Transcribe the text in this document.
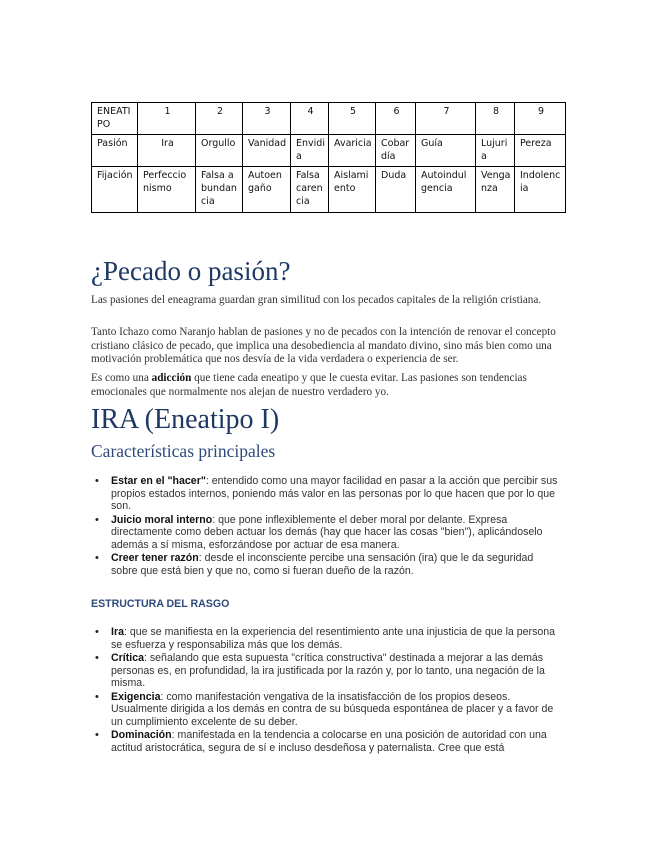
ENEATIPO	1	2	3	4	5	6	7	8	9
Pasión	Ira	Orgullo	Vanidad	Envidia	Avaricia	Cobardía	Guía	Lujuria	Pereza
Fijación	Perfeccionismo	Falsa abundancia	Autoengaño	Falsa carencia	Aislamiento	Duda	Autoindulgencia	Venganza	Indolencia
¿Pecado o pasión?

Las pasiones del eneagrama guardan gran similitud con los pecados capitales de la religión cristiana.

Tanto Ichazo como Naranjo hablan de pasiones y no de pecados con la intención de renovar el concepto cristiano clásico de pecado, que implica una desobediencia al mandato divino, sino más bien como una motivación problemática que nos desvía de la vida verdadera o experiencia de ser.

Es como una adicción que tiene cada eneatipo y que le cuesta evitar. Las pasiones son tendencias emocionales que normalmente nos alejan de nuestro verdadero yo.

IRA (Eneatipo I)
Características principales
• Estar en el "hacer": entendido como una mayor facilidad en pasar a la acción que percibir sus propios estados internos, poniendo más valor en las personas por lo que hacen que por lo que son.
• Juicio moral interno: que pone inflexiblemente el deber moral por delante. Expresa directamente como deben actuar los demás (hay que hacer las cosas "bien"), aplicándoselo además a sí misma, esforzándose por actuar de esa manera.
• Creer tener razón: desde el inconsciente percibe una sensación (ira) que le da seguridad sobre que está bien y que no, como si fueran dueño de la razón.

ESTRUCTURA DEL RASGO

• Ira: que se manifiesta en la experiencia del resentimiento ante una injusticia de que la persona se esfuerza y responsabiliza más que los demás.
• Crítica: señalando que esta supuesta "crítica constructiva" destinada a mejorar a las demás personas es, en profundidad, la ira justificada por la razón y, por lo tanto, una negación de la misma.
• Exigencia: como manifestación vengativa de la insatisfacción de los propios deseos. Usualmente dirigida a los demás en contra de su búsqueda espontánea de placer y a favor de un cumplimiento excelente de su deber.
• Dominación: manifestada en la tendencia a colocarse en una posición de autoridad con una actitud aristocrática, segura de sí e incluso desdeñosa y paternalista. Cree que está
